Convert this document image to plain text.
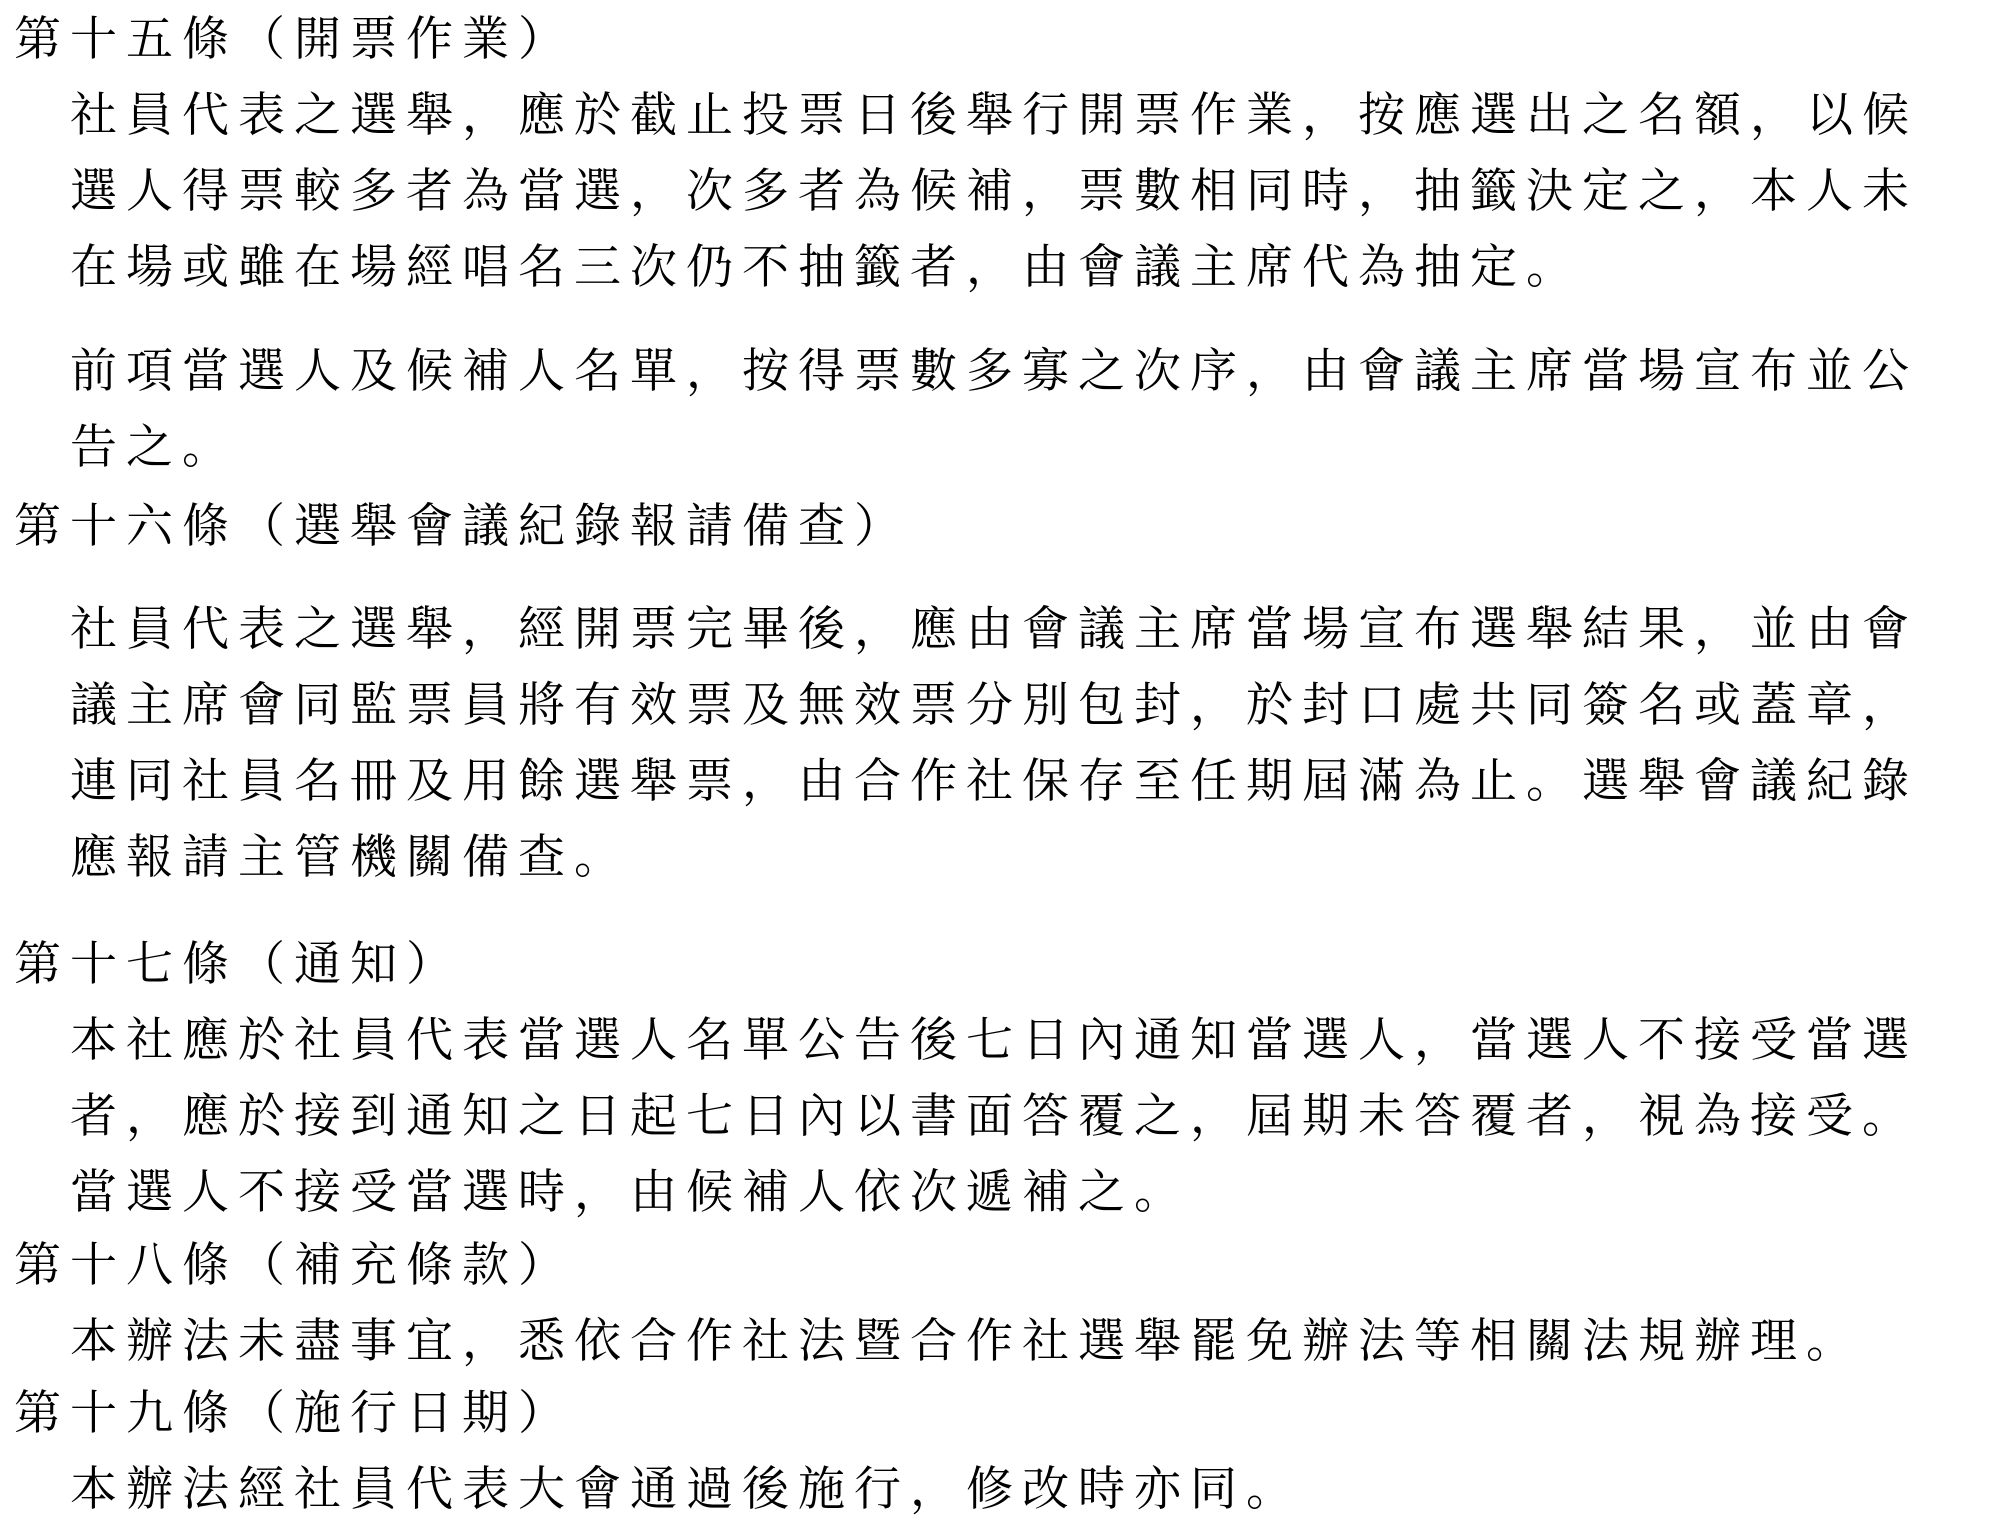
第十五條（開票作業）
社員代表之選舉，應於截止投票日後舉行開票作業，按應選出之名額，以候
選人得票較多者為當選，次多者為候補，票數相同時，抽籤決定之，本人未
在場或雖在場經唱名三次仍不抽籤者，由會議主席代為抽定。
前項當選人及候補人名單，按得票數多寡之次序，由會議主席當場宣布並公
告之。
第十六條（選舉會議紀錄報請備查）
社員代表之選舉，經開票完畢後，應由會議主席當場宣布選舉結果，並由會
議主席會同監票員將有效票及無效票分別包封，於封口處共同簽名或蓋章，
連同社員名冊及用餘選舉票，由合作社保存至任期屆滿為止。選舉會議紀錄
應報請主管機關備查。
第十七條（通知）
本社應於社員代表當選人名單公告後七日內通知當選人，當選人不接受當選
者，應於接到通知之日起七日內以書面答覆之，屆期未答覆者，視為接受。
當選人不接受當選時，由候補人依次遞補之。
第十八條（補充條款）
本辦法未盡事宜，悉依合作社法暨合作社選舉罷免辦法等相關法規辦理。
第十九條（施行日期）
本辦法經社員代表大會通過後施行，修改時亦同。
